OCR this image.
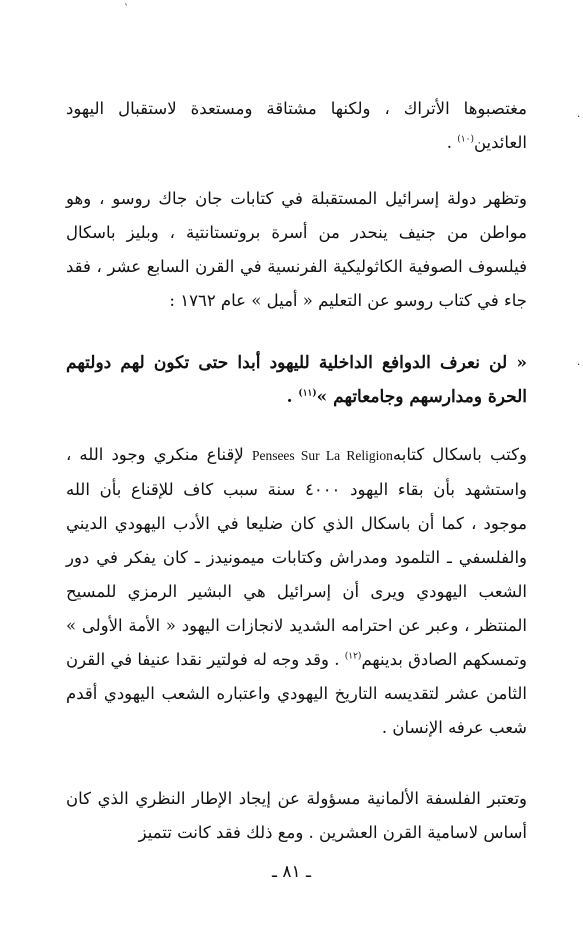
ˋ
·
·

مغتصبوها الأتراك ، ولكنها مشتاقة ومستعدة لاستقبال اليهود العائدين$^{(١٠)}$ .

وتظهر دولة إسرائيل المستقبلة في كتابات جان جاك روسو ، وهو مواطن من جنيف ينحدر من أسرة بروتستانتية ، وبليز باسكال فيلسوف الصوفية الكاثوليكية الفرنسية في القرن السابع عشر ، فقد جاء في كتاب روسو عن التعليم « أميل » عام ١٧٦٢ :

« لن نعرف الدوافع الداخلية لليهود أبدا حتى تكون لهم دولتهم الحرة ومدارسهم وجامعاتهم »$^{(١١)}$ .

وكتب باسكال كتابهPensees Sur La Religion لإقناع منكري وجود الله ، واستشهد بأن بقاء اليهود ٤٠٠٠ سنة سبب كاف للإقناع بأن الله موجود ، كما أن باسكال الذي كان ضليعا في الأدب اليهودي الديني والفلسفي ـ التلمود ومدراش وكتابات ميمونيدز ـ كان يفكر في دور الشعب اليهودي ويرى أن إسرائيل هي البشير الرمزي للمسيح المنتظر ، وعبر عن احترامه الشديد لانجازات اليهود « الأمة الأولى » وتمسكهم الصادق بدينهم$^{(١٢)}$ . وقد وجه له فولتير نقدا عنيفا في القرن الثامن عشر لتقديسه التاريخ اليهودي واعتباره الشعب اليهودي أقدم شعب عرفه الإنسان .

وتعتبر الفلسفة الألمانية مسؤولة عن إيجاد الإطار النظري الذي كان أساس لاسامية القرن العشرين . ومع ذلك فقد كانت تتميز

ـ ٨١ ـ
